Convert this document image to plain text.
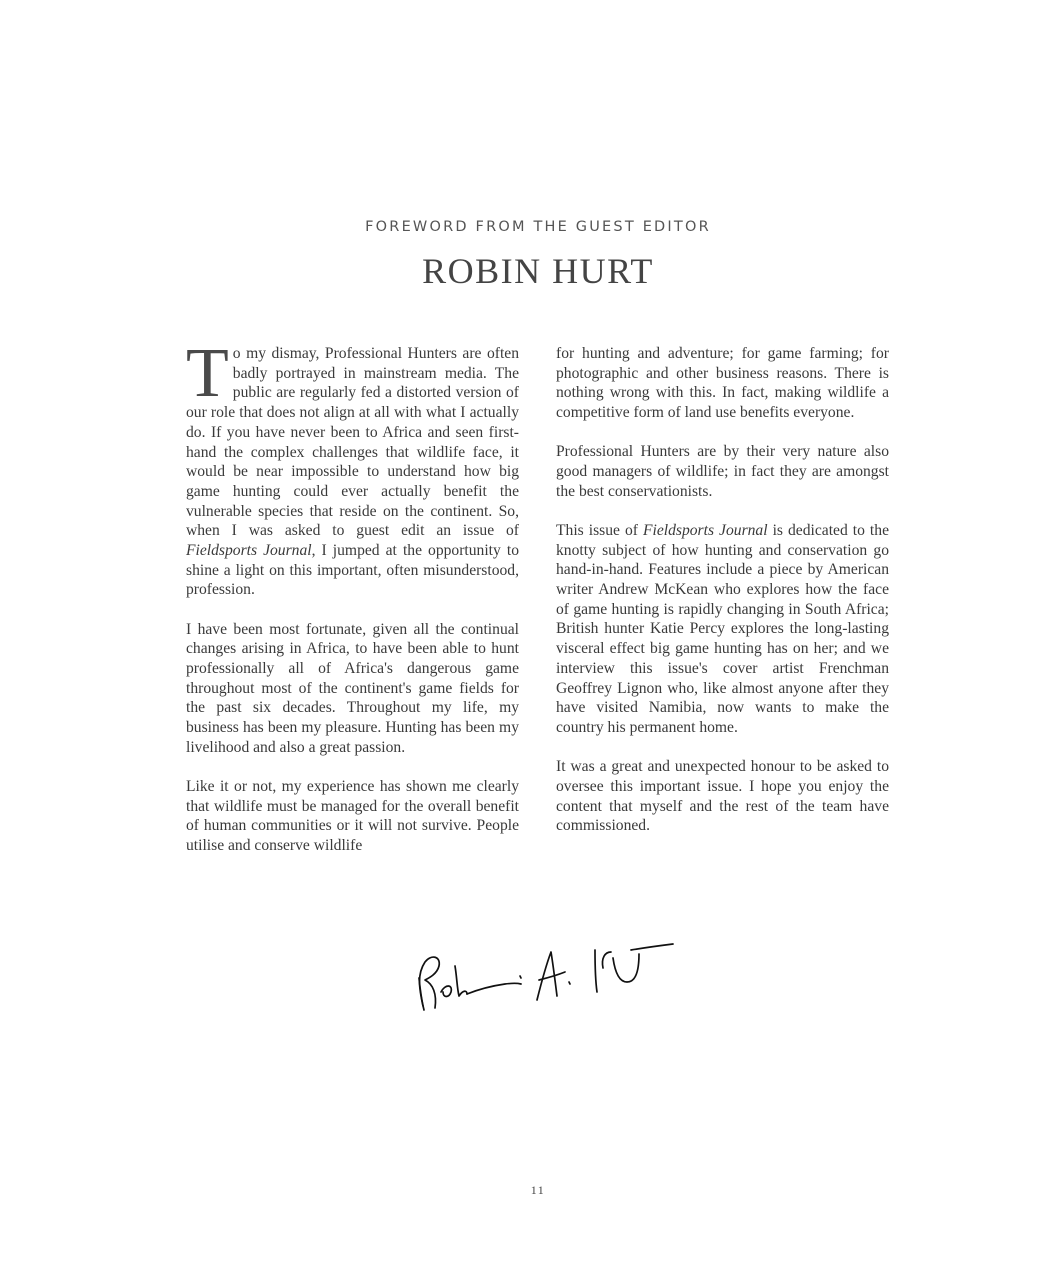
FOREWORD FROM THE GUEST EDITOR
ROBIN HURT

To my dismay, Professional Hunters are often badly portrayed in mainstream media. The public are regularly fed a distorted version of our role that does not align at all with what I actually do. If you have never been to Africa and seen first-hand the complex challenges that wildlife face, it would be near impossible to understand how big game hunting could ever actually benefit the vulnerable species that reside on the continent. So, when I was asked to guest edit an issue of Fieldsports Journal, I jumped at the opportunity to shine a light on this important, often misunderstood, profession.

I have been most fortunate, given all the continual changes arising in Africa, to have been able to hunt professionally all of Africa's dangerous game throughout most of the continent's game fields for the past six decades. Throughout my life, my business has been my pleasure. Hunting has been my livelihood and also a great passion.

Like it or not, my experience has shown me clearly that wildlife must be managed for the overall benefit of human communities or it will not survive. People utilise and conserve wildlife

for hunting and adventure; for game farming; for photographic and other business reasons. There is nothing wrong with this. In fact, making wildlife a competitive form of land use benefits everyone.

Professional Hunters are by their very nature also good managers of wildlife; in fact they are amongst the best conservationists.

This issue of Fieldsports Journal is dedicated to the knotty subject of how hunting and conservation go hand-in-hand. Features include a piece by American writer Andrew McKean who explores how the face of game hunting is rapidly changing in South Africa; British hunter Katie Percy explores the long-lasting visceral effect big game hunting has on her; and we interview this issue's cover artist Frenchman Geoffrey Lignon who, like almost anyone after they have visited Namibia, now wants to make the country his permanent home.

It was a great and unexpected honour to be asked to oversee this important issue. I hope you enjoy the content that myself and the rest of the team have commissioned.

11
